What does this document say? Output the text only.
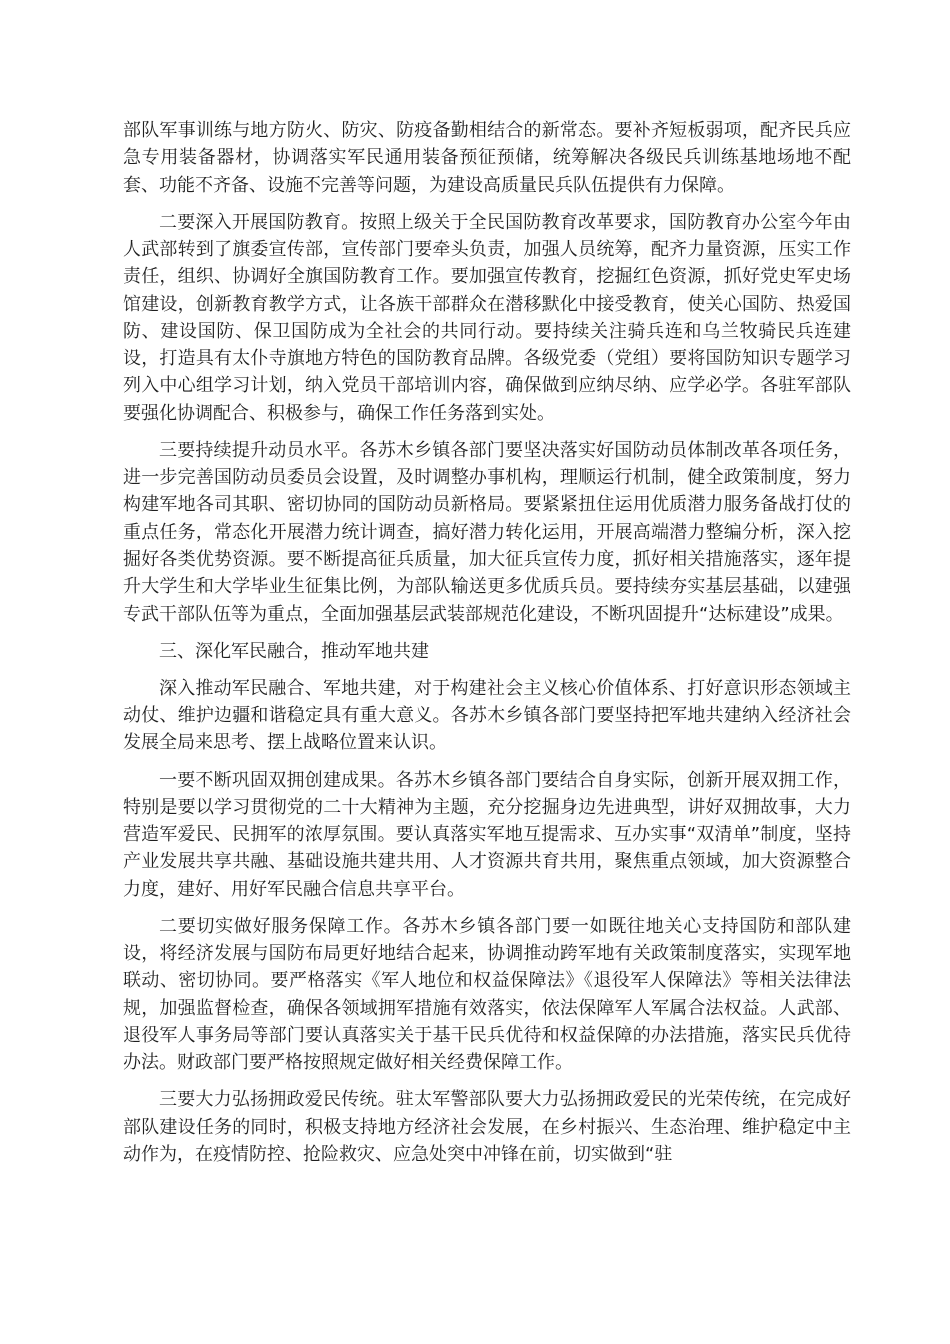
部队军事训练与地方防火、防灾、防疫备勤相结合的新常态。要补齐短板弱项，配齐民兵应急专用装备器材，协调落实军民通用装备预征预储，统筹解决各级民兵训练基地场地不配套、功能不齐备、设施不完善等问题，为建设高质量民兵队伍提供有力保障。

二要深入开展国防教育。按照上级关于全民国防教育改革要求，国防教育办公室今年由人武部转到了旗委宣传部，宣传部门要牵头负责，加强人员统筹，配齐力量资源，压实工作责任，组织、协调好全旗国防教育工作。要加强宣传教育，挖掘红色资源，抓好党史军史场馆建设，创新教育教学方式，让各族干部群众在潜移默化中接受教育，使关心国防、热爱国防、建设国防、保卫国防成为全社会的共同行动。要持续关注骑兵连和乌兰牧骑民兵连建设，打造具有太仆寺旗地方特色的国防教育品牌。各级党委（党组）要将国防知识专题学习列入中心组学习计划，纳入党员干部培训内容，确保做到应纳尽纳、应学必学。各驻军部队要强化协调配合、积极参与，确保工作任务落到实处。

三要持续提升动员水平。各苏木乡镇各部门要坚决落实好国防动员体制改革各项任务，进一步完善国防动员委员会设置，及时调整办事机构，理顺运行机制，健全政策制度，努力构建军地各司其职、密切协同的国防动员新格局。要紧紧扭住运用优质潜力服务备战打仗的重点任务，常态化开展潜力统计调查，搞好潜力转化运用，开展高端潜力整编分析，深入挖掘好各类优势资源。要不断提高征兵质量，加大征兵宣传力度，抓好相关措施落实，逐年提升大学生和大学毕业生征集比例，为部队输送更多优质兵员。要持续夯实基层基础，以建强专武干部队伍等为重点，全面加强基层武装部规范化建设，不断巩固提升“达标建设”成果。

三、深化军民融合，推动军地共建

深入推动军民融合、军地共建，对于构建社会主义核心价值体系、打好意识形态领域主动仗、维护边疆和谐稳定具有重大意义。各苏木乡镇各部门要坚持把军地共建纳入经济社会发展全局来思考、摆上战略位置来认识。

一要不断巩固双拥创建成果。各苏木乡镇各部门要结合自身实际，创新开展双拥工作，特别是要以学习贯彻党的二十大精神为主题，充分挖掘身边先进典型，讲好双拥故事，大力营造军爱民、民拥军的浓厚氛围。要认真落实军地互提需求、互办实事“双清单”制度，坚持产业发展共享共融、基础设施共建共用、人才资源共育共用，聚焦重点领域，加大资源整合力度，建好、用好军民融合信息共享平台。

二要切实做好服务保障工作。各苏木乡镇各部门要一如既往地关心支持国防和部队建设，将经济发展与国防布局更好地结合起来，协调推动跨军地有关政策制度落实，实现军地联动、密切协同。要严格落实《军人地位和权益保障法》《退役军人保障法》等相关法律法规，加强监督检查，确保各领域拥军措施有效落实，依法保障军人军属合法权益。人武部、退役军人事务局等部门要认真落实关于基干民兵优待和权益保障的办法措施，落实民兵优待办法。财政部门要严格按照规定做好相关经费保障工作。

三要大力弘扬拥政爱民传统。驻太军警部队要大力弘扬拥政爱民的光荣传统，在完成好部队建设任务的同时，积极支持地方经济社会发展，在乡村振兴、生态治理、维护稳定中主动作为，在疫情防控、抢险救灾、应急处突中冲锋在前，切实做到“驻
